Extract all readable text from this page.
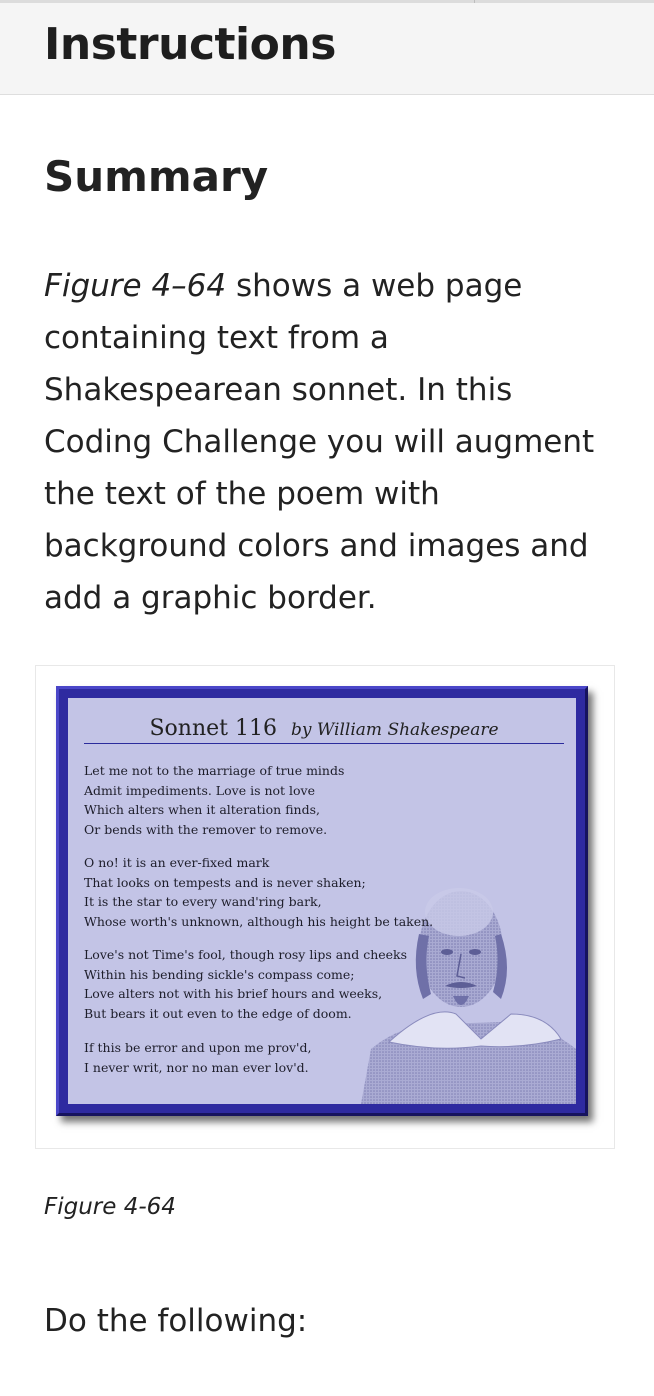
Instructions
Summary

Figure 4–64 shows a web page containing text from a Shakespearean sonnet. In this Coding Challenge you will augment the text of the poem with background colors and images and add a graphic border.

Sonnet 116 by William Shakespeare
Let me not to the marriage of true minds
Admit impediments. Love is not love
Which alters when it alteration finds,
Or bends with the remover to remove.
O no! it is an ever-fixed mark
That looks on tempests and is never shaken;
It is the star to every wand'ring bark,
Whose worth's unknown, although his height be taken.
Love's not Time's fool, though rosy lips and cheeks
Within his bending sickle's compass come;
Love alters not with his brief hours and weeks,
But bears it out even to the edge of doom.
If this be error and upon me prov'd,
I never writ, nor no man ever lov'd.

Figure 4-64

Do the following:
